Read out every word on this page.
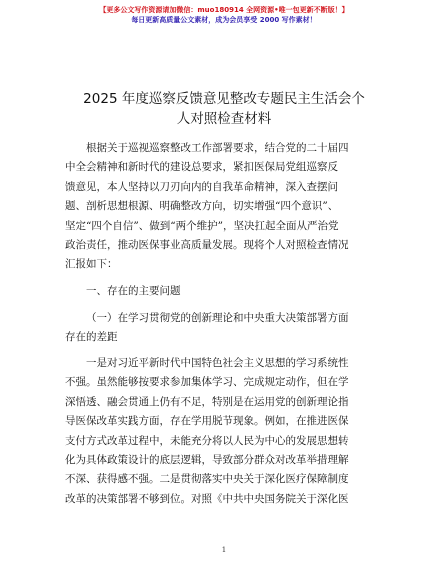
【更多公文写作资源请加微信：muo180914 全网资源•唯一包更新不断版！】
每日更新高质量公文素材，成为会员享受 2000 写作素材！
2025 年度巡察反馈意见整改专题民主生活会个
人对照检查材料
根据关于巡视巡察整改工作部署要求，结合党的二十届四
中全会精神和新时代的建设总要求，紧扣医保局党组巡察反
馈意见，本人坚持以刀刃向内的自我革命精神，深入查摆问
题、剖析思想根源、明确整改方向，切实增强“四个意识”、
坚定“四个自信”、做到“两个维护”，坚决扛起全面从严治党
政治责任，推动医保事业高质量发展。现将个人对照检查情况
汇报如下：
一、存在的主要问题
（一）在学习贯彻党的创新理论和中央重大决策部署方面
存在的差距
一是对习近平新时代中国特色社会主义思想的学习系统性
不强。虽然能够按要求参加集体学习、完成规定动作，但在学
深悟透、融会贯通上仍有不足，特别是在运用党的创新理论指
导医保改革实践方面，存在学用脱节现象。例如，在推进医保
支付方式改革过程中，未能充分将以人民为中心的发展思想转
化为具体政策设计的底层逻辑，导致部分群众对改革举措理解
不深、获得感不强。二是贯彻落实中央关于深化医疗保障制度
改革的决策部署不够到位。对照《中共中央国务院关于深化医
1
